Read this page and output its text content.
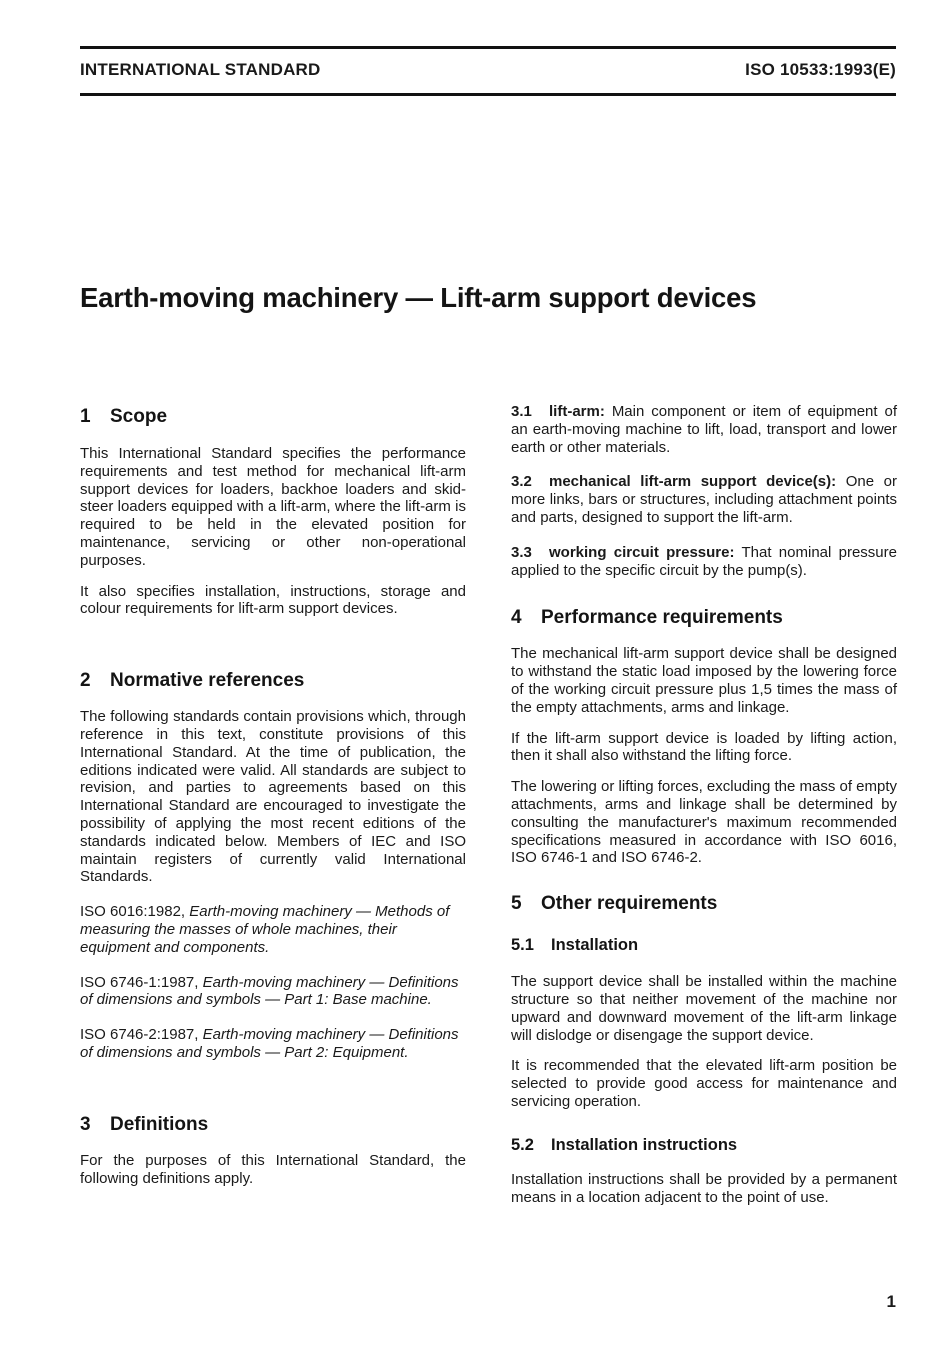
INTERNATIONAL STANDARD	ISO 10533:1993(E)
Earth-moving machinery — Lift-arm support devices
1 Scope

This International Standard specifies the performance requirements and test method for mechanical lift-arm support devices for loaders, backhoe loaders and skid-steer loaders equipped with a lift-arm, where the lift-arm is required to be held in the elevated position for maintenance, servicing or other non-operational purposes.

It also specifies installation, instructions, storage and colour requirements for lift-arm support devices.

2 Normative references

The following standards contain provisions which, through reference in this text, constitute provisions of this International Standard. At the time of publication, the editions indicated were valid. All standards are subject to revision, and parties to agreements based on this International Standard are encouraged to investigate the possibility of applying the most recent editions of the standards indicated below. Members of IEC and ISO maintain registers of currently valid International Standards.

ISO 6016:1982, Earth-moving machinery — Methods of measuring the masses of whole machines, their equipment and components.

ISO 6746-1:1987, Earth-moving machinery — Definitions of dimensions and symbols — Part 1: Base machine.

ISO 6746-2:1987, Earth-moving machinery — Definitions of dimensions and symbols — Part 2: Equipment.

3 Definitions

For the purposes of this International Standard, the following definitions apply.

3.1 lift-arm: Main component or item of equipment of an earth-moving machine to lift, load, transport and lower earth or other materials.

3.2 mechanical lift-arm support device(s): One or more links, bars or structures, including attachment points and parts, designed to support the lift-arm.

3.3 working circuit pressure: That nominal pressure applied to the specific circuit by the pump(s).

4 Performance requirements

The mechanical lift-arm support device shall be designed to withstand the static load imposed by the lowering force of the working circuit pressure plus 1,5 times the mass of the empty attachments, arms and linkage.

If the lift-arm support device is loaded by lifting action, then it shall also withstand the lifting force.

The lowering or lifting forces, excluding the mass of empty attachments, arms and linkage shall be determined by consulting the manufacturer's maximum recommended specifications measured in accordance with ISO 6016, ISO 6746-1 and ISO 6746-2.

5 Other requirements
5.1 Installation

The support device shall be installed within the machine structure so that neither movement of the machine nor upward and downward movement of the lift-arm linkage will dislodge or disengage the support device.

It is recommended that the elevated lift-arm position be selected to provide good access for maintenance and servicing operation.

5.2 Installation instructions

Installation instructions shall be provided by a permanent means in a location adjacent to the point of use.

1
